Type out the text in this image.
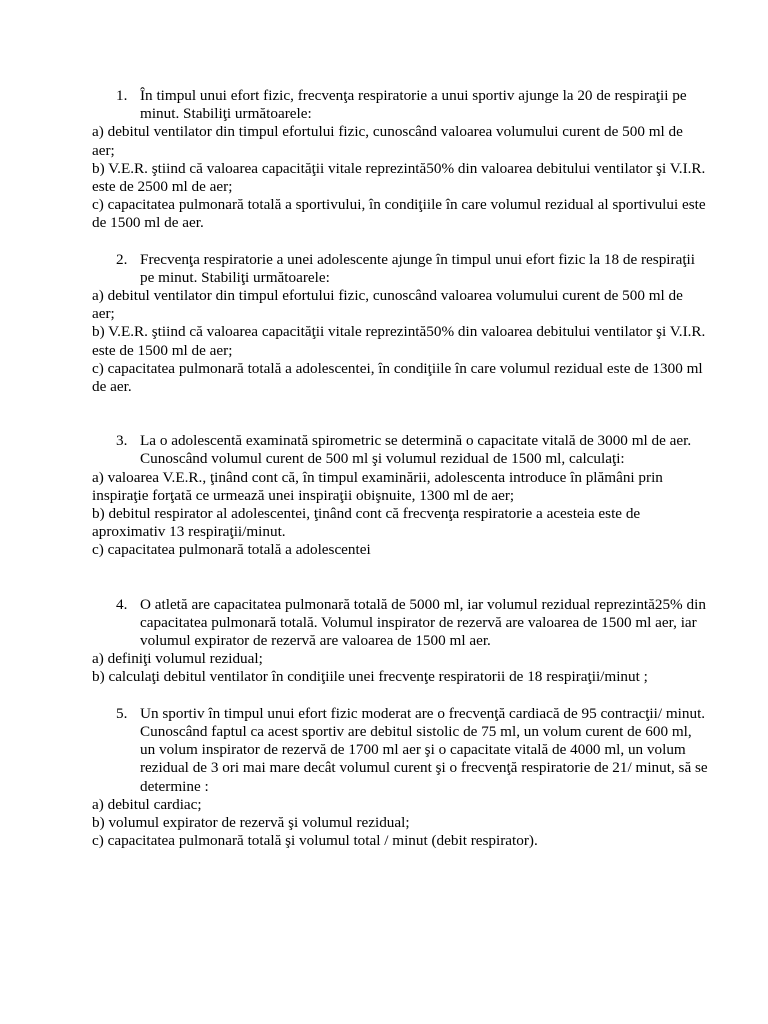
1. În timpul unui efort fizic, frecvenţa respiratorie a unui sportiv ajunge la 20 de respiraţii pe minut. Stabiliţi următoarele:

a) debitul ventilator din timpul efortului fizic, cunoscând valoarea volumului curent de 500 ml de aer;

b) V.E.R. ştiind că valoarea capacităţii vitale reprezintă50% din valoarea debitului ventilator şi V.I.R. este de 2500 ml de aer;

c) capacitatea pulmonară totală a sportivului, în condiţiile în care volumul rezidual al sportivului este de 1500 ml de aer.

2. Frecvenţa respiratorie a unei adolescente ajunge în timpul unui efort fizic la 18 de respiraţii pe minut. Stabiliţi următoarele:

a) debitul ventilator din timpul efortului fizic, cunoscând valoarea volumului curent de 500 ml de aer;

b) V.E.R. ştiind că valoarea capacităţii vitale reprezintă50% din valoarea debitului ventilator şi V.I.R. este de 1500 ml de aer;

c) capacitatea pulmonară totală a adolescentei, în condiţiile în care volumul rezidual este de 1300 ml de aer.

3. La o adolescentă examinată spirometric se determină o capacitate vitală de 3000 ml de aer. Cunoscând volumul curent de 500 ml şi volumul rezidual de 1500 ml, calculaţi:

a) valoarea V.E.R., ţinând cont că, în timpul examinării, adolescenta introduce în plămâni prin inspiraţie forţată ce urmează unei inspiraţii obişnuite, 1300 ml de aer;

b) debitul respirator al adolescentei, ţinând cont că frecvenţa respiratorie a acesteia este de aproximativ 13 respiraţii/minut.

c) capacitatea pulmonară totală a adolescentei

4. O atletă are capacitatea pulmonară totală de 5000 ml, iar volumul rezidual reprezintă25% din capacitatea pulmonară totală. Volumul inspirator de rezervă are valoarea de 1500 ml aer, iar volumul expirator de rezervă are valoarea de 1500 ml aer.

a) definiţi volumul rezidual;

b) calculaţi debitul ventilator în condiţiile unei frecvenţe respiratorii de 18 respiraţii/minut ;

5. Un sportiv în timpul unui efort fizic moderat are o frecvenţă cardiacă de 95 contracţii/ minut. Cunoscând faptul ca acest sportiv are debitul sistolic de 75 ml, un volum curent de 600 ml, un volum inspirator de rezervă de 1700 ml aer şi o capacitate vitală de 4000 ml, un volum rezidual de 3 ori mai mare decât volumul curent şi o frecvenţă respiratorie de 21/ minut, să se determine :

a) debitul cardiac;

b) volumul expirator de rezervă şi volumul rezidual;

c) capacitatea pulmonară totală şi volumul total / minut (debit respirator).
